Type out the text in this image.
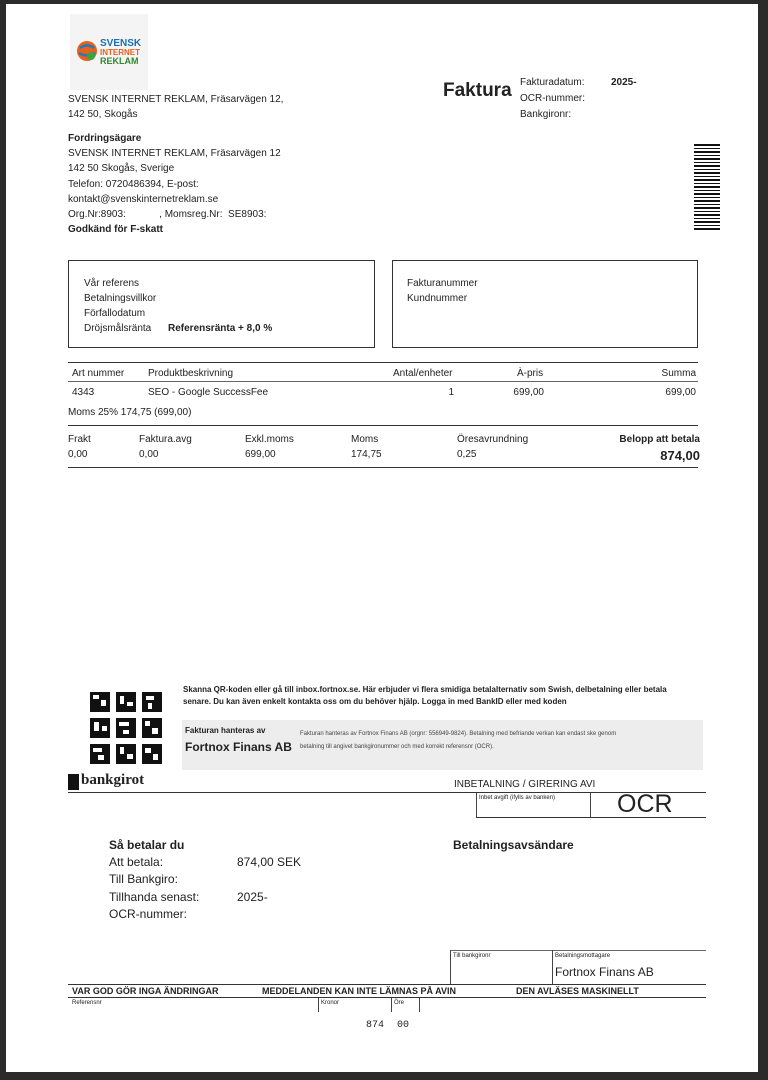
SVENSK
INTERNET
REKLAM
SVENSK INTERNET REKLAM, Fräsarvägen 12,
142 50, Skogås
Faktura Fakturadatum:	2025-
OCR-nummer:
Bankgironr:
Fordringsägare
SVENSK INTERNET REKLAM, Fräsarvägen 12
142 50 Skogås, Sverige
Telefon: 0720486394, E-post:
kontakt@svenskinternetreklam.se
Org.Nr:8903:            , Momsreg.Nr:  SE8903:
Godkänd för F-skatt
Vår referens
Betalningsvillkor
Förfallodatum
Dröjsmålsränta Referensränta + 8,0 %
Fakturanummer
Kundnummer
Art nummer Produktbeskrivning	Antal/enheter	À-pris	Summa
4343	SEO - Google SuccessFee	1	699,00	699,00
Moms 25% 174,75 (699,00)
Frakt	Faktura.avg	Exkl.moms	Moms	Öresavrundning	Belopp att betala
0,00	0,00	699,00	174,75	0,25	874,00
Skanna QR-koden eller gå till inbox.fortnox.se. Här erbjuder vi flera smidiga betalalternativ som Swish, delbetalning eller betala
senare. Du kan även enkelt kontakta oss om du behöver hjälp. Logga in med BankID eller med koden
Fakturan hanteras av
Fortnox Finans AB
Fakturan hanteras av Fortnox Finans AB (orgnr: 556949-9824). Betalning med befriande verkan kan endast ske genom
betalning till angivet bankgironummer och med korrekt referensnr (OCR).
bankgirot	INBETALNING / GIRERING AVI
Inbet avgift (ifylls av banken) OCR
Så betalar du
Att betala:	874,00 SEK
Till Bankgiro:
Tillhanda senast:	2025-
OCR-nummer:
Betalningsavsändare
Till bankgironr	Betalningsmottagare
Fortnox Finans AB
VAR GOD GÖR INGA ÄNDRINGAR	MEDDELANDEN KAN INTE LÄMNAS PÅ AVIN	DEN AVLÄSES MASKINELLT
Referensnr	Kronor	Öre
874 00
